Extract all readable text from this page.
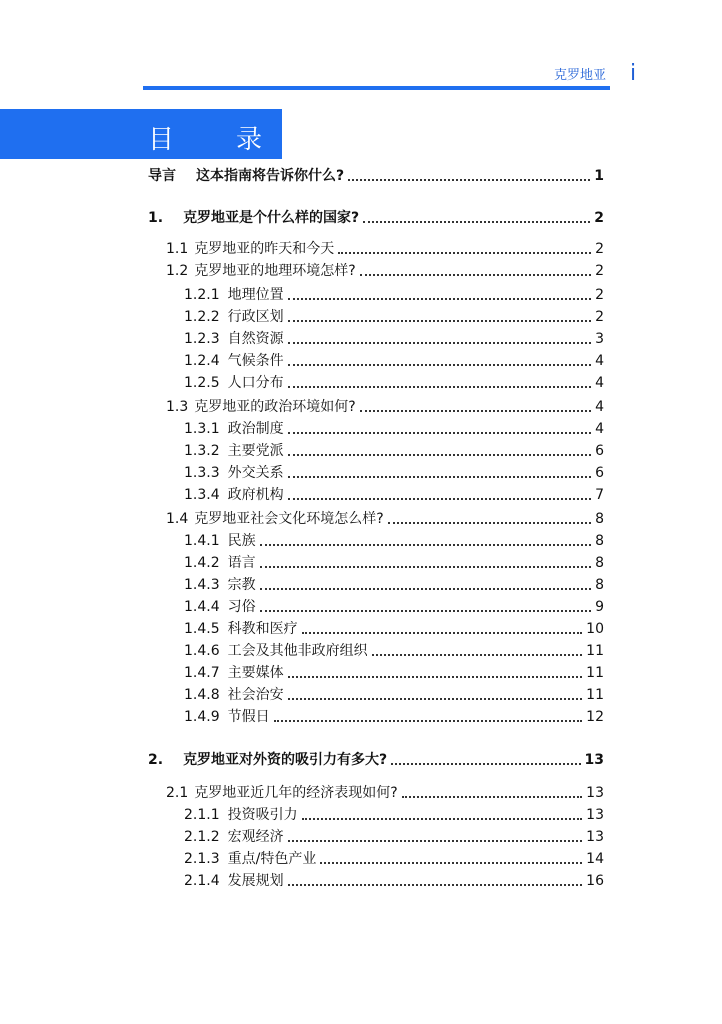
克罗地亚 i
目　录
导言 这本指南将告诉你什么?	1
1. 克罗地亚是个什么样的国家?	2
1.1 克罗地亚的昨天和今天	2
1.2 克罗地亚的地理环境怎样?	2
1.2.1 地理位置	2
1.2.2 行政区划	2
1.2.3 自然资源	3
1.2.4 气候条件	4
1.2.5 人口分布	4
1.3 克罗地亚的政治环境如何?	4
1.3.1 政治制度	4
1.3.2 主要党派	6
1.3.3 外交关系	6
1.3.4 政府机构	7
1.4 克罗地亚社会文化环境怎么样?	8
1.4.1 民族	8
1.4.2 语言	8
1.4.3 宗教	8
1.4.4 习俗	9
1.4.5 科教和医疗	10
1.4.6 工会及其他非政府组织	11
1.4.7 主要媒体	11
1.4.8 社会治安	11
1.4.9 节假日	12
2. 克罗地亚对外资的吸引力有多大?	13
2.1 克罗地亚近几年的经济表现如何?	13
2.1.1 投资吸引力	13
2.1.2 宏观经济	13
2.1.3 重点/特色产业	14
2.1.4 发展规划	16
